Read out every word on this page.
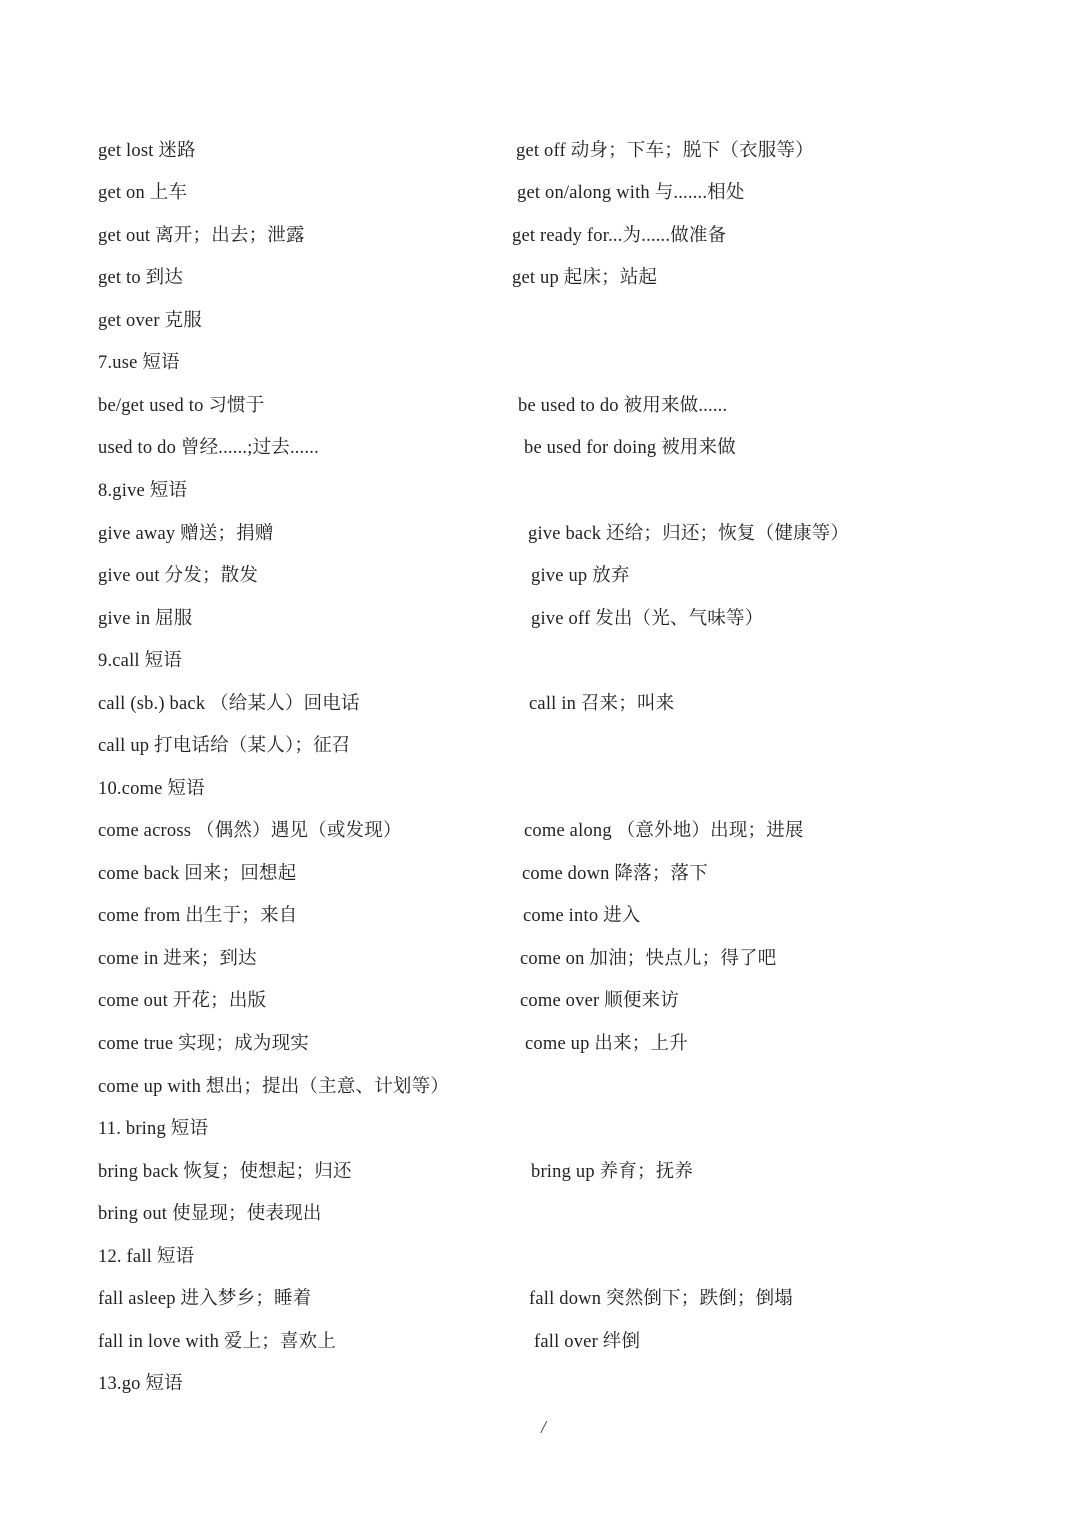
get lost 迷路	get off 动身；下车；脱下（衣服等）
get on 上车	get on/along with 与.......相处
get out 离开；出去；泄露	get ready for...为......做准备
get to 到达	get up 起床；站起
get over 克服
7.use 短语
be/get used to 习惯于	be used to do 被用来做......
used to do 曾经......;过去......	be used for doing 被用来做
8.give 短语
give away 赠送；捐赠	give back 还给；归还；恢复（健康等）
give out 分发；散发	give up 放弃
give in 屈服	give off 发出（光、气味等）
9.call 短语
call (sb.) back （给某人）回电话	call in 召来；叫来
call up 打电话给（某人）；征召
10.come 短语
come across （偶然）遇见（或发现）	come along （意外地）出现；进展
come back 回来；回想起	come down 降落；落下
come from 出生于；来自	come into 进入
come in 进来；到达	come on 加油；快点儿；得了吧
come out 开花；出版	come over 顺便来访
come true 实现；成为现实	come up 出来；上升
come up with 想出；提出（主意、计划等）
11. bring 短语
bring back 恢复；使想起；归还	bring up 养育；抚养
bring out 使显现；使表现出
12. fall 短语
fall asleep 进入梦乡；睡着	fall down 突然倒下；跌倒；倒塌
fall in love with 爱上；喜欢上	fall over 绊倒
13.go 短语
/
